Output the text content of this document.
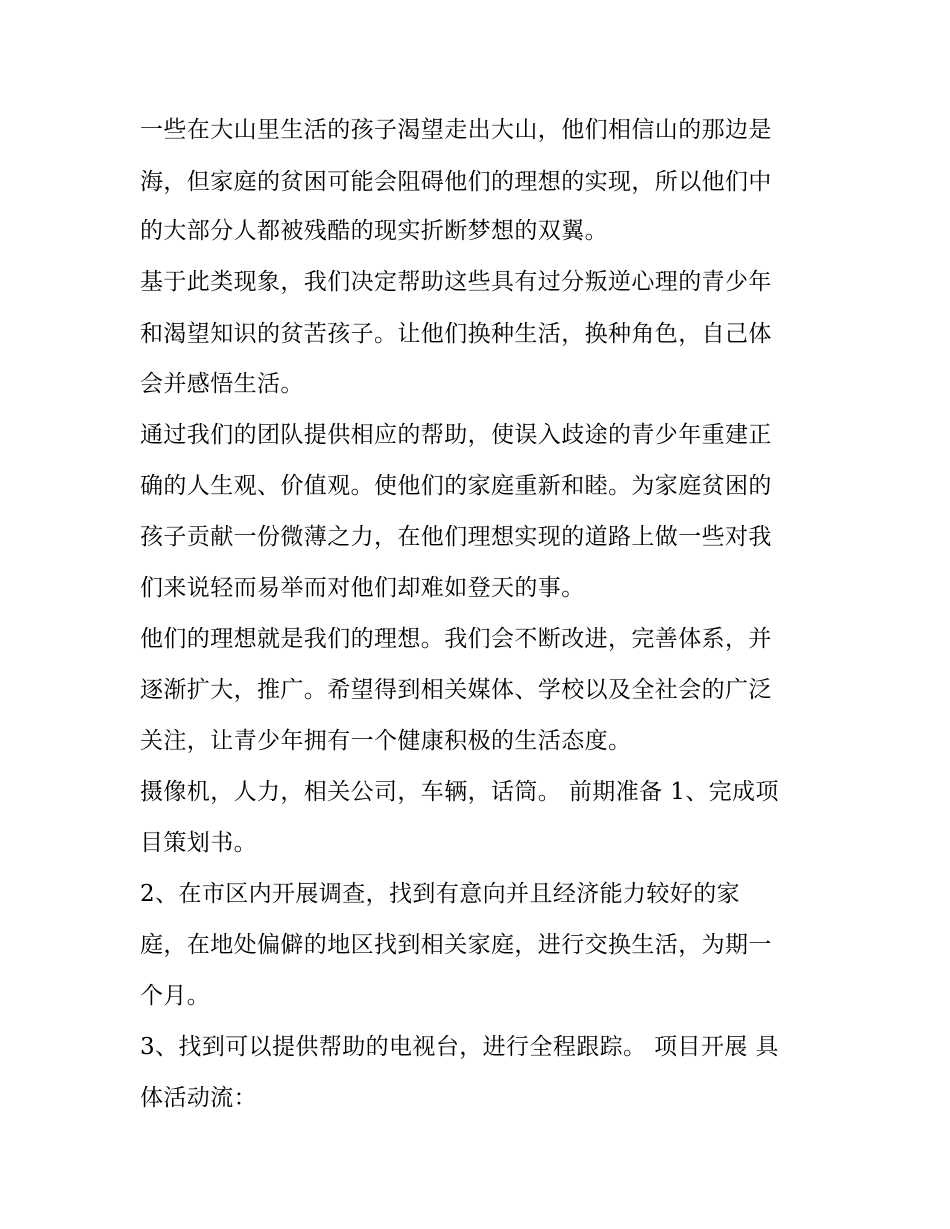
一些在大山里生活的孩子渴望走出大山，他们相信山的那边是
海，但家庭的贫困可能会阻碍他们的理想的实现，所以他们中
的大部分人都被残酷的现实折断梦想的双翼。
基于此类现象，我们决定帮助这些具有过分叛逆心理的青少年
和渴望知识的贫苦孩子。让他们换种生活，换种角色，自己体
会并感悟生活。
通过我们的团队提供相应的帮助，使误入歧途的青少年重建正
确的人生观、价值观。使他们的家庭重新和睦。为家庭贫困的
孩子贡献一份微薄之力，在他们理想实现的道路上做一些对我
们来说轻而易举而对他们却难如登天的事。
他们的理想就是我们的理想。我们会不断改进，完善体系，并
逐渐扩大，推广。希望得到相关媒体、学校以及全社会的广泛
关注，让青少年拥有一个健康积极的生活态度。
摄像机，人力，相关公司，车辆，话筒。 前期准备 1、完成项
目策划书。
2、在市区内开展调查，找到有意向并且经济能力较好的家
庭，在地处偏僻的地区找到相关家庭，进行交换生活，为期一
个月。
3、找到可以提供帮助的电视台，进行全程跟踪。 项目开展 具
体活动流：
